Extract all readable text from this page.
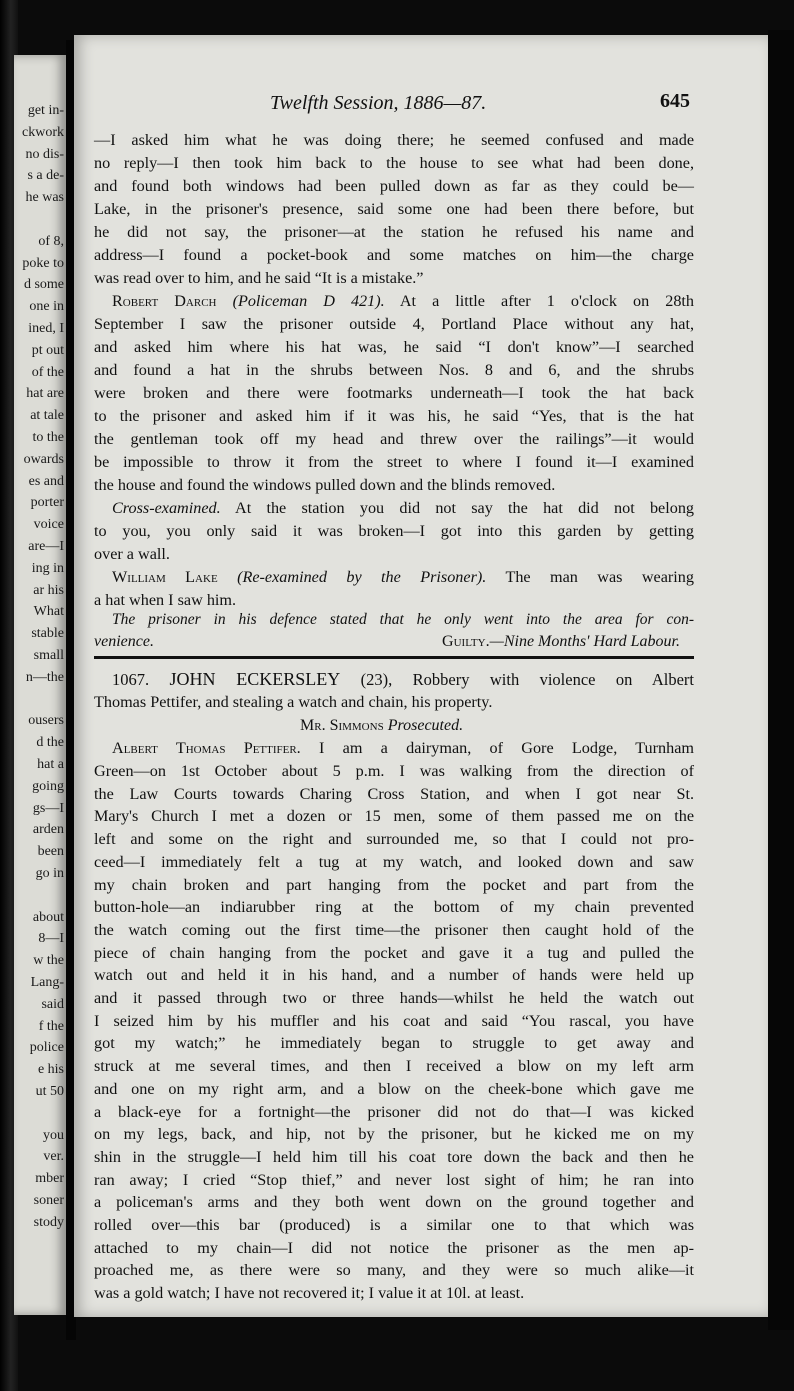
get in-
ckwork
no dis-
s a de-
he was
of 8,
poke to
d some
one in
ined, I
pt out
of the
hat are
at tale
to the
owards
es and
porter
voice
are—I
ing in
ar his
What
stable
small
n—the
ousers
d the
hat a
going
gs—I
arden
been
go in
about
8—I
w the
Lang-
said
f the
police
e his
ut 50
you
ver.
mber
soner
stody
Twelfth Session, 1886—87.	645
—I asked him what he was doing there; he seemed confused and made
no reply—I then took him back to the house to see what had been done,
and found both windows had been pulled down as far as they could be—
Lake, in the prisoner's presence, said some one had been there before, but
he did not say, the prisoner—at the station he refused his name and
address—I found a pocket-book and some matches on him—the charge
was read over to him, and he said “It is a mistake.”
Robert Darch (Policeman D 421). At a little after 1 o'clock on 28th
September I saw the prisoner outside 4, Portland Place without any hat,
and asked him where his hat was, he said “I don't know”—I searched
and found a hat in the shrubs between Nos. 8 and 6, and the shrubs
were broken and there were footmarks underneath—I took the hat back
to the prisoner and asked him if it was his, he said “Yes, that is the hat
the gentleman took off my head and threw over the railings”—it would
be impossible to throw it from the street to where I found it—I examined
the house and found the windows pulled down and the blinds removed.
Cross-examined. At the station you did not say the hat did not belong
to you, you only said it was broken—I got into this garden by getting
over a wall.
William Lake (Re-examined by the Prisoner). The man was wearing
a hat when I saw him.
The prisoner in his defence stated that he only went into the area for con-
venience.	Guilty.—Nine Months' Hard Labour.
1067. JOHN ECKERSLEY (23), Robbery with violence on Albert
Thomas Pettifer, and stealing a watch and chain, his property.
Mr. Simmons Prosecuted.
Albert Thomas Pettifer. I am a dairyman, of Gore Lodge, Turnham
Green—on 1st October about 5 p.m. I was walking from the direction of
the Law Courts towards Charing Cross Station, and when I got near St.
Mary's Church I met a dozen or 15 men, some of them passed me on the
left and some on the right and surrounded me, so that I could not pro-
ceed—I immediately felt a tug at my watch, and looked down and saw
my chain broken and part hanging from the pocket and part from the
button-hole—an indiarubber ring at the bottom of my chain prevented
the watch coming out the first time—the prisoner then caught hold of the
piece of chain hanging from the pocket and gave it a tug and pulled the
watch out and held it in his hand, and a number of hands were held up
and it passed through two or three hands—whilst he held the watch out
I seized him by his muffler and his coat and said “You rascal, you have
got my watch;” he immediately began to struggle to get away and
struck at me several times, and then I received a blow on my left arm
and one on my right arm, and a blow on the cheek-bone which gave me
a black-eye for a fortnight—the prisoner did not do that—I was kicked
on my legs, back, and hip, not by the prisoner, but he kicked me on my
shin in the struggle—I held him till his coat tore down the back and then he
ran away; I cried “Stop thief,” and never lost sight of him; he ran into
a policeman's arms and they both went down on the ground together and
rolled over—this bar (produced) is a similar one to that which was
attached to my chain—I did not notice the prisoner as the men ap-
proached me, as there were so many, and they were so much alike—it
was a gold watch; I have not recovered it; I value it at 10l. at least.
